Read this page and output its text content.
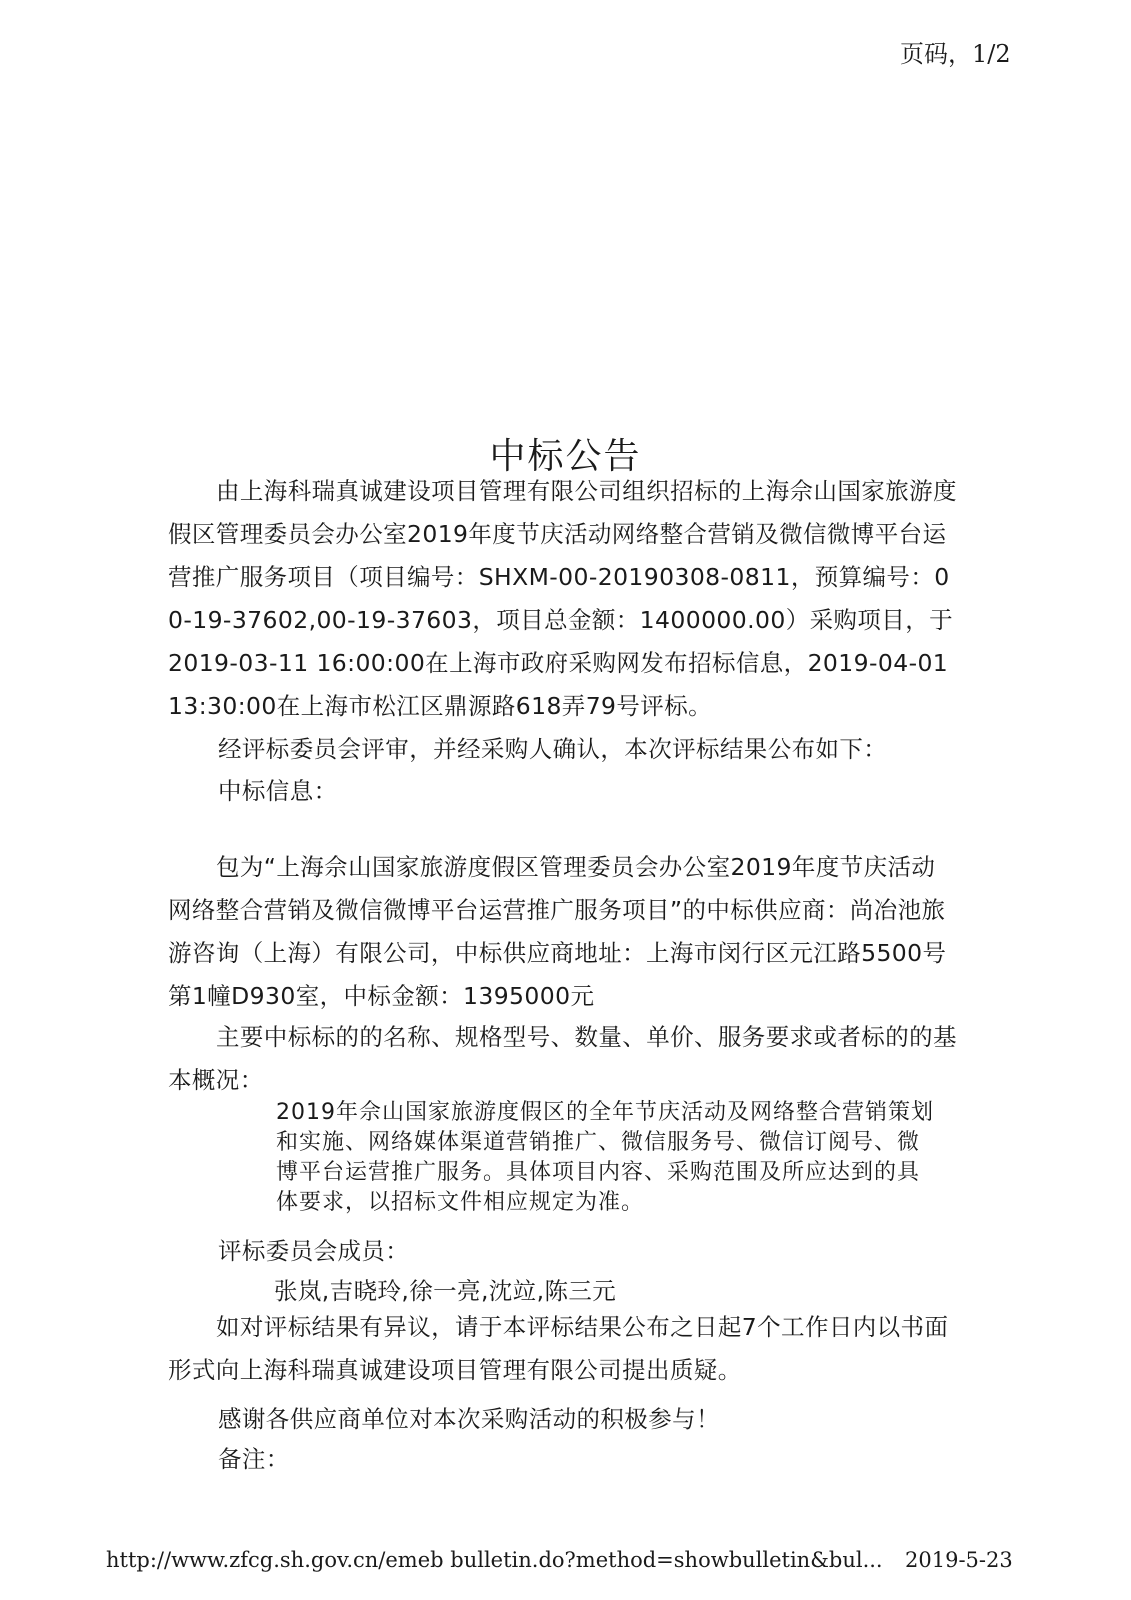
页码，1/2
中标公告

由上海科瑞真诚建设项目管理有限公司组织招标的上海佘山国家旅游度假区管理委员会办公室2019年度节庆活动网络整合营销及微信微博平台运营推广服务项目（项目编号：SHXM-00-20190308-0811，预算编号：00-19-37602,00-19-37603，项目总金额：1400000.00）采购项目，于2019-03-11 16:00:00在上海市政府采购网发布招标信息，2019-04-01 13:30:00在上海市松江区鼎源路618弄79号评标。

经评标委员会评审，并经采购人确认，本次评标结果公布如下：

中标信息：

包为“上海佘山国家旅游度假区管理委员会办公室2019年度节庆活动网络整合营销及微信微博平台运营推广服务项目”的中标供应商：尚冶池旅游咨询（上海）有限公司，中标供应商地址：上海市闵行区元江路5500号第1幢D930室，中标金额：1395000元

主要中标标的的名称、规格型号、数量、单价、服务要求或者标的的基本概况：

2019年佘山国家旅游度假区的全年节庆活动及网络整合营销策划和实施、网络媒体渠道营销推广、微信服务号、微信订阅号、微博平台运营推广服务。具体项目内容、采购范围及所应达到的具体要求，以招标文件相应规定为准。

评标委员会成员：

张岚,吉晓玲,徐一亮,沈竝,陈三元

如对评标结果有异议，请于本评标结果公布之日起7个工作日内以书面形式向上海科瑞真诚建设项目管理有限公司提出质疑。

感谢各供应商单位对本次采购活动的积极参与！

备注：

http://www.zfcg.sh.gov.cn/emeb bulletin.do?method=showbulletin&bul... 2019-5-23
